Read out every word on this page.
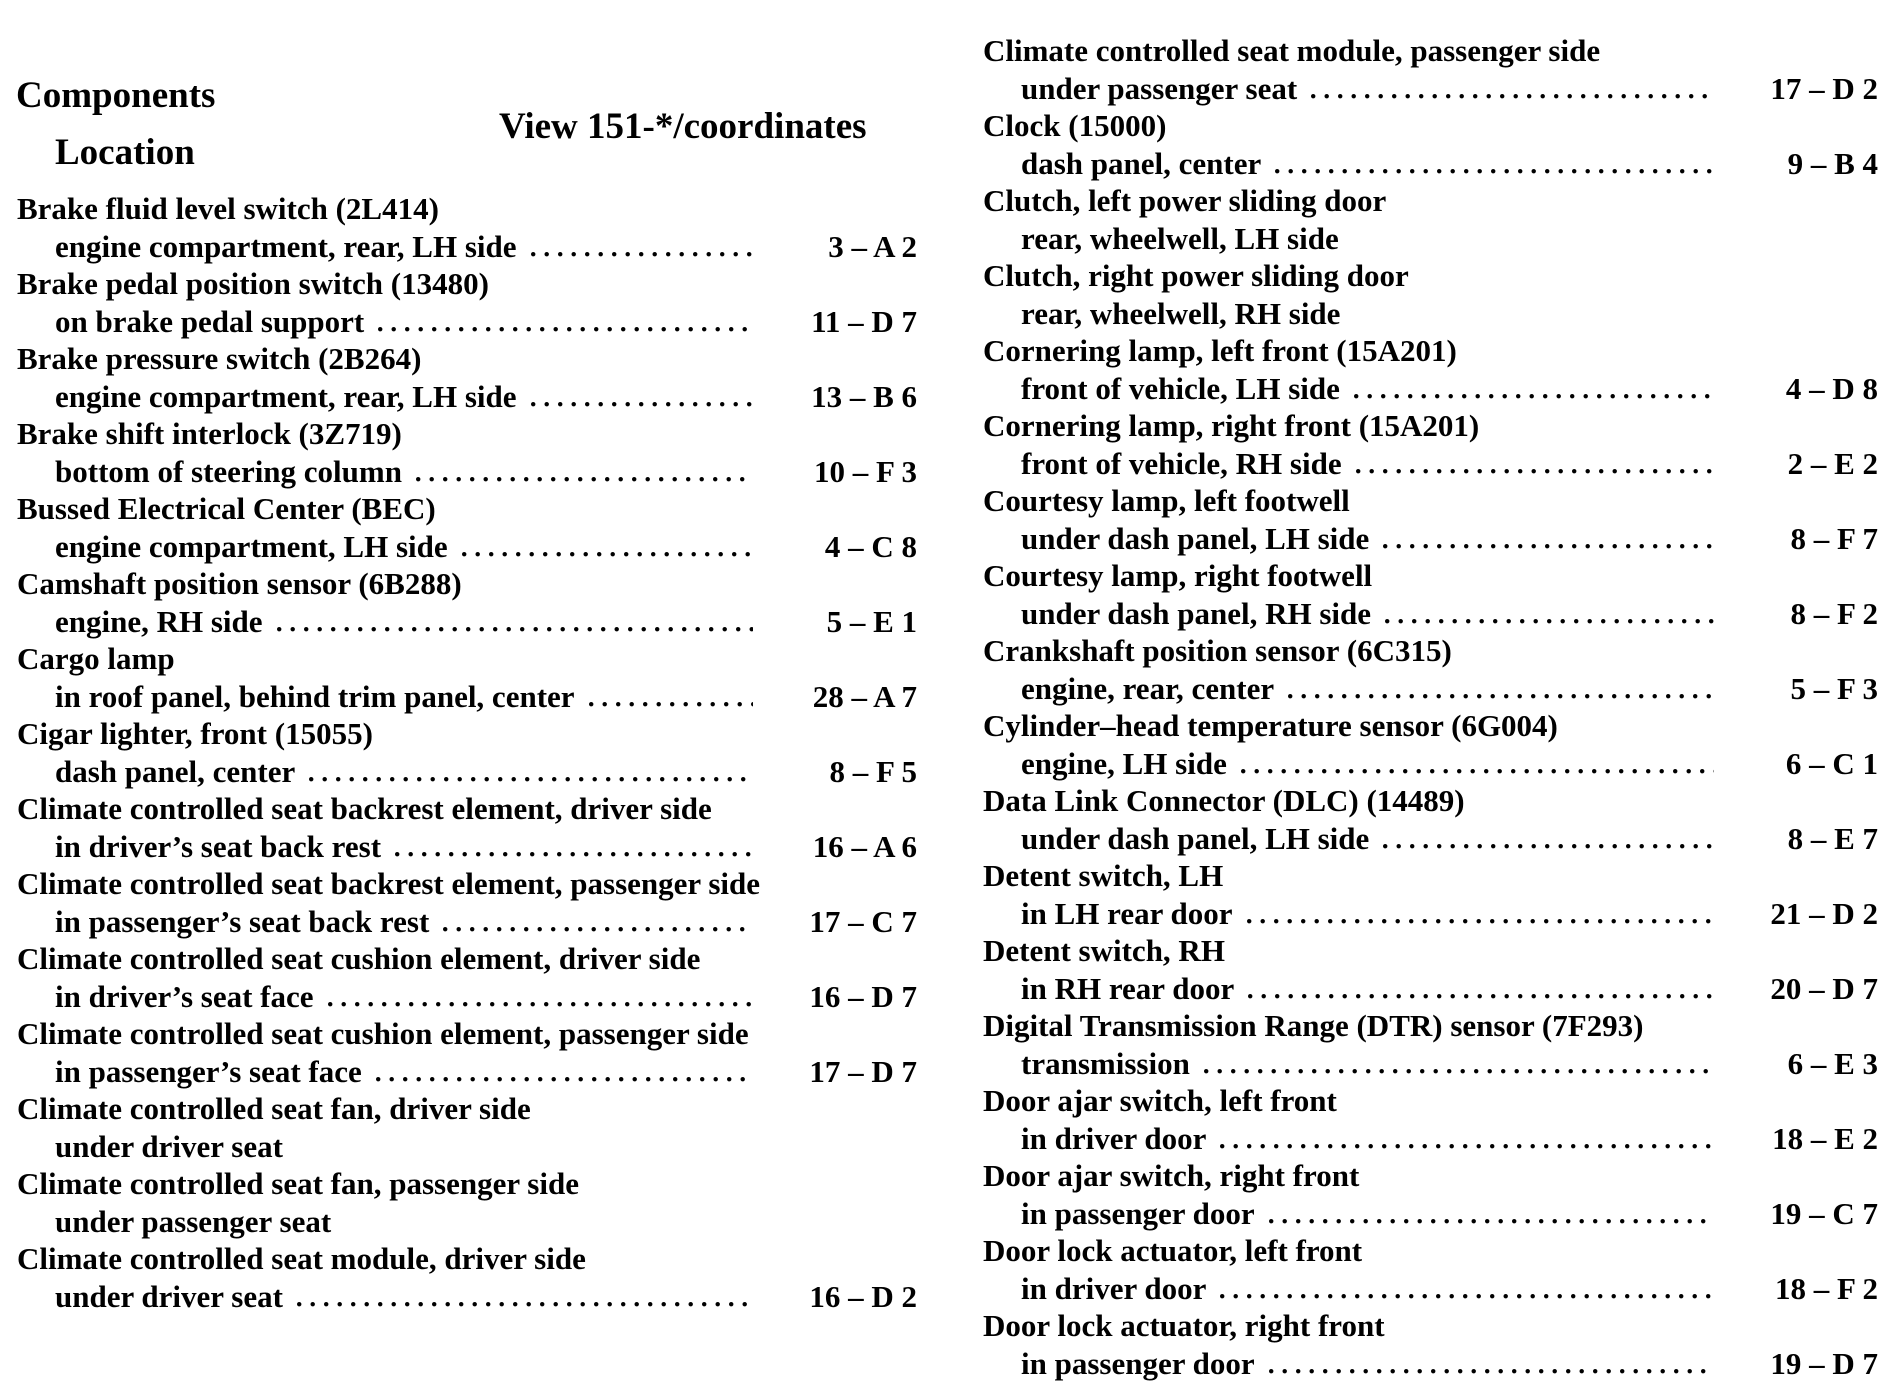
Components
Location
View 151-*/coordinates
Brake fluid level switch (2L414)
engine compartment, rear, LH side	3 – A 2
Brake pedal position switch (13480)
on brake pedal support	11 – D 7
Brake pressure switch (2B264)
engine compartment, rear, LH side	13 – B 6
Brake shift interlock (3Z719)
bottom of steering column	10 – F 3
Bussed Electrical Center (BEC)
engine compartment, LH side	4 – C 8
Camshaft position sensor (6B288)
engine, RH side	5 – E 1
Cargo lamp
in roof panel, behind trim panel, center	28 – A 7
Cigar lighter, front (15055)
dash panel, center	8 – F 5
Climate controlled seat backrest element, driver side
in driver’s seat back rest	16 – A 6
Climate controlled seat backrest element, passenger side
in passenger’s seat back rest	17 – C 7
Climate controlled seat cushion element, driver side
in driver’s seat face	16 – D 7
Climate controlled seat cushion element, passenger side
in passenger’s seat face	17 – D 7
Climate controlled seat fan, driver side
under driver seat
Climate controlled seat fan, passenger side
under passenger seat
Climate controlled seat module, driver side
under driver seat	16 – D 2
Climate controlled seat module, passenger side
under passenger seat	17 – D 2
Clock (15000)
dash panel, center	9 – B 4
Clutch, left power sliding door
rear, wheelwell, LH side
Clutch, right power sliding door
rear, wheelwell, RH side
Cornering lamp, left front (15A201)
front of vehicle, LH side	4 – D 8
Cornering lamp, right front (15A201)
front of vehicle, RH side	2 – E 2
Courtesy lamp, left footwell
under dash panel, LH side	8 – F 7
Courtesy lamp, right footwell
under dash panel, RH side	8 – F 2
Crankshaft position sensor (6C315)
engine, rear, center	5 – F 3
Cylinder–head temperature sensor (6G004)
engine, LH side	6 – C 1
Data Link Connector (DLC) (14489)
under dash panel, LH side	8 – E 7
Detent switch, LH
in LH rear door	21 – D 2
Detent switch, RH
in RH rear door	20 – D 7
Digital Transmission Range (DTR) sensor (7F293)
transmission	6 – E 3
Door ajar switch, left front
in driver door	18 – E 2
Door ajar switch, right front
in passenger door	19 – C 7
Door lock actuator, left front
in driver door	18 – F 2
Door lock actuator, right front
in passenger door	19 – D 7
